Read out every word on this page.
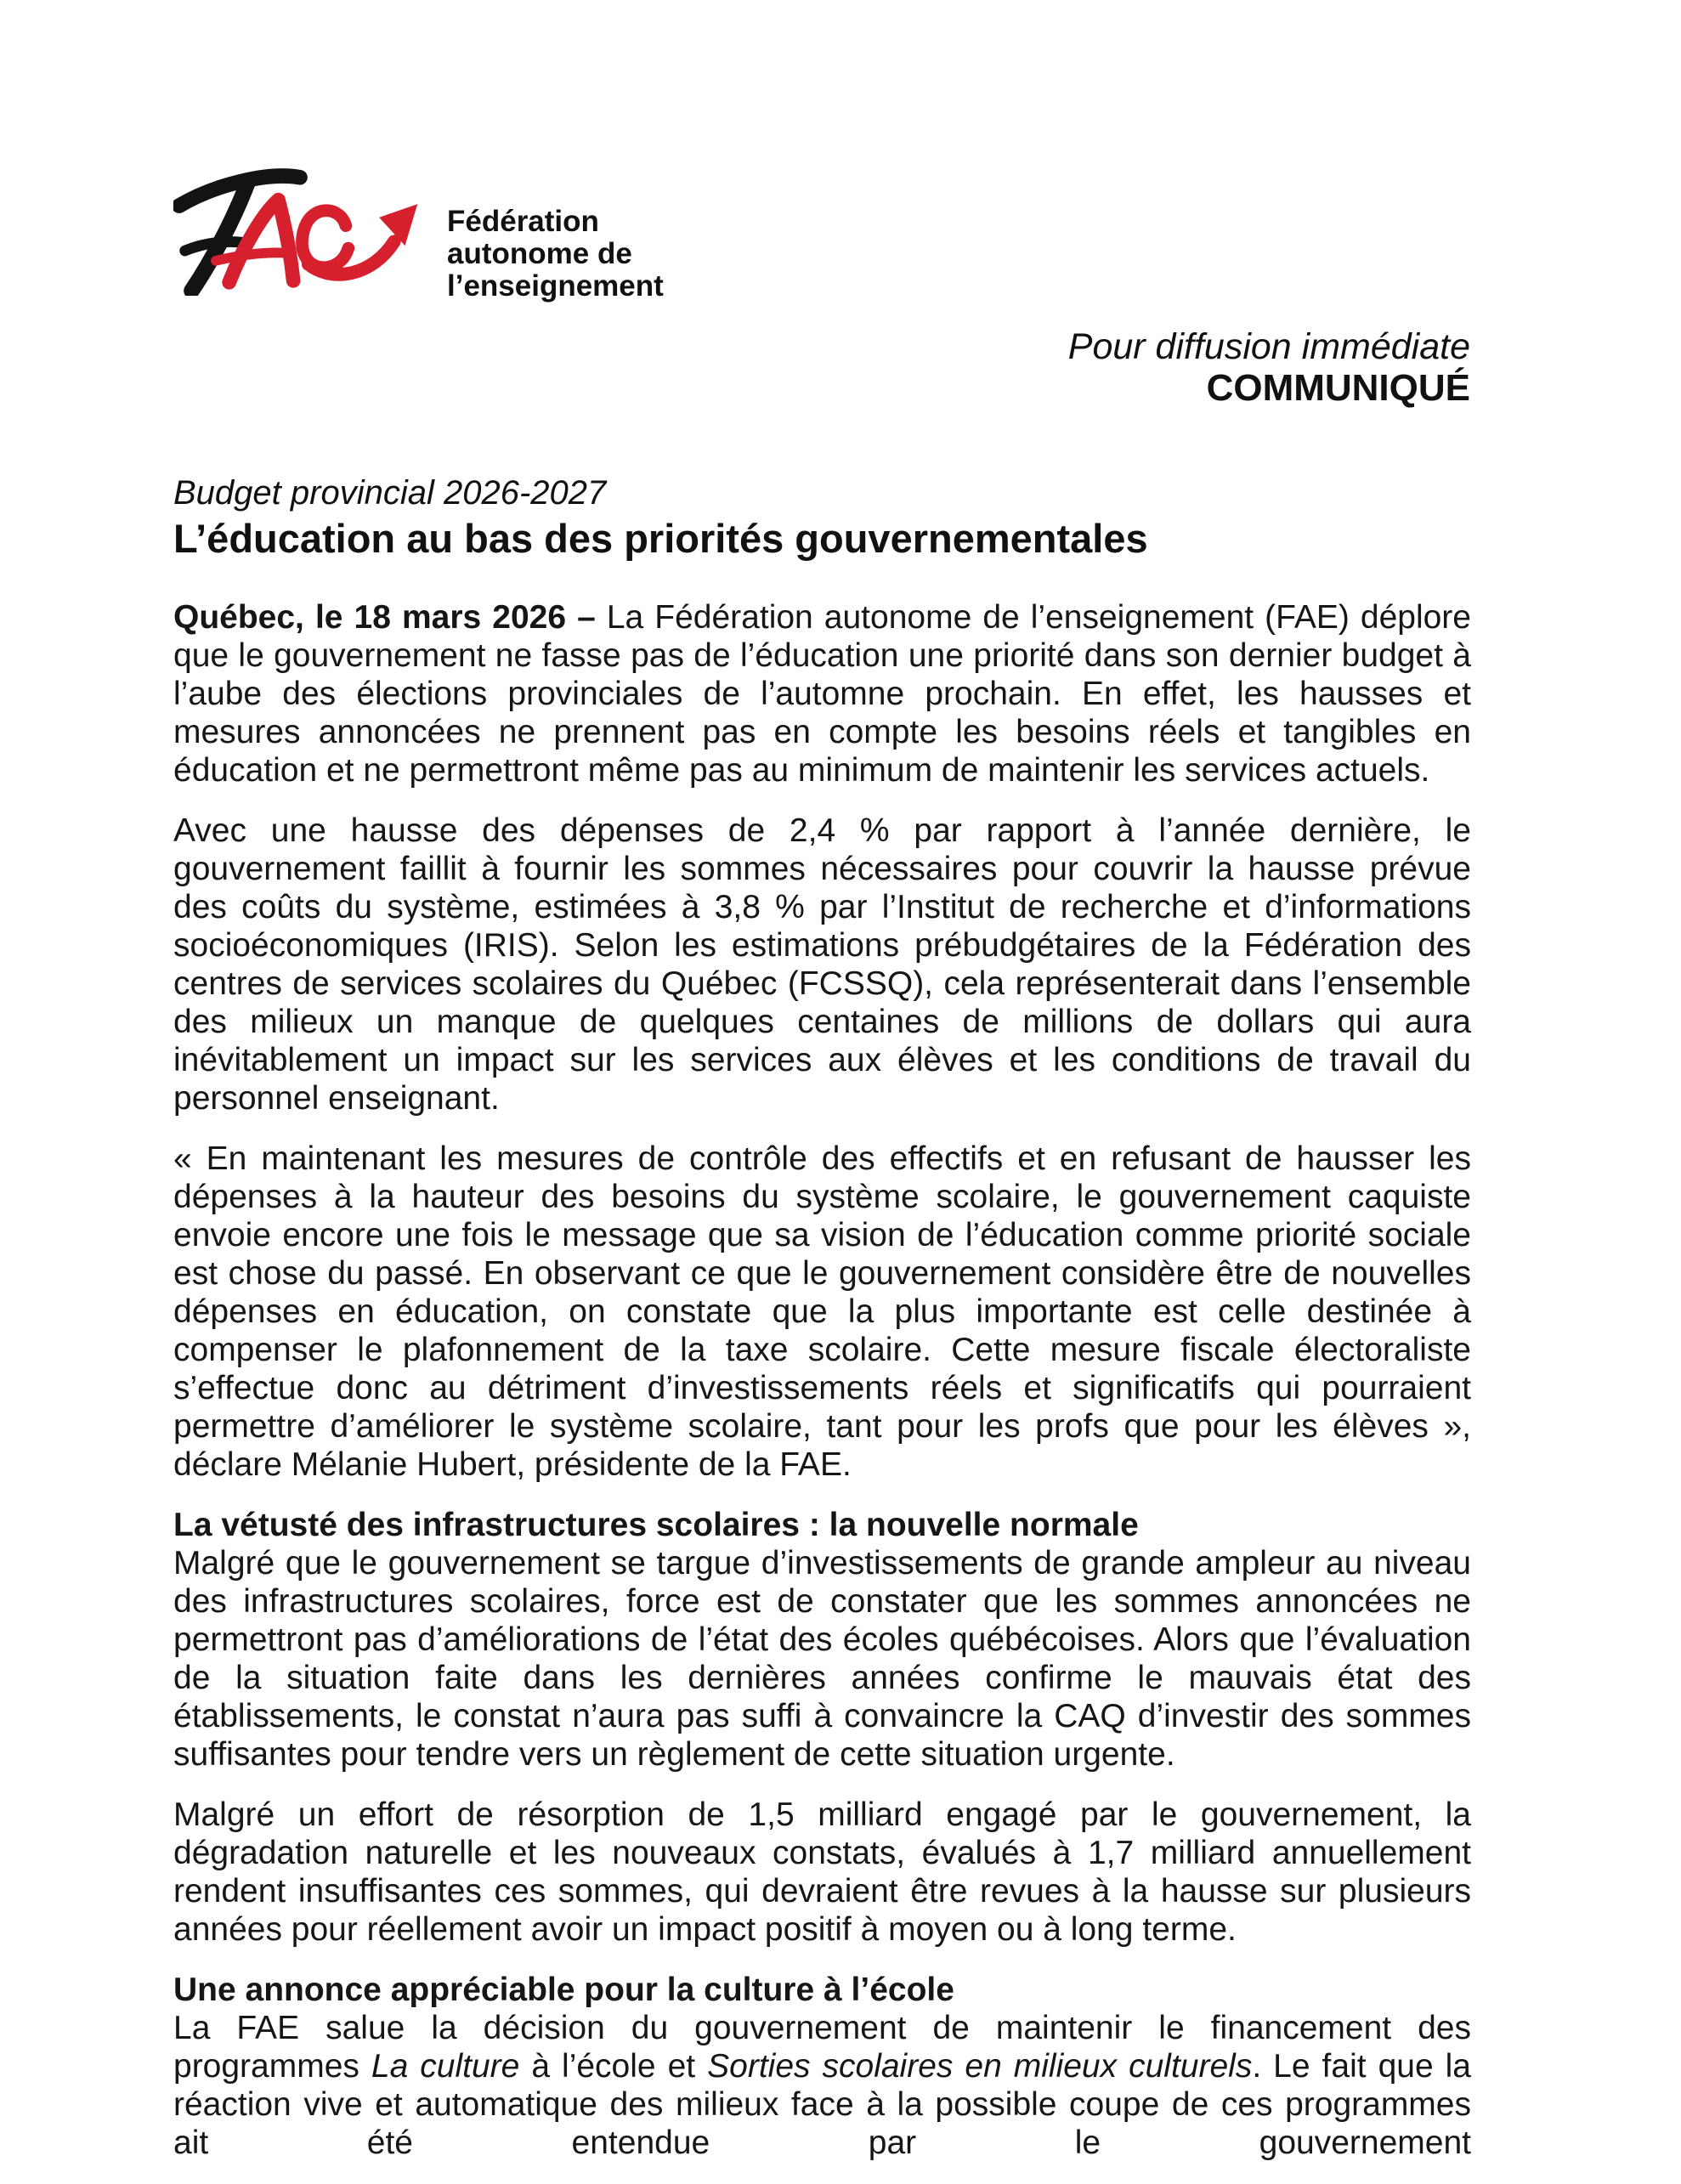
Fédération
autonome de
l’enseignement
Pour diffusion immédiate
COMMUNIQUÉ
Budget provincial 2026-2027
L’éducation au bas des priorités gouvernementales

Québec, le 18 mars 2026 – La Fédération autonome de l’enseignement (FAE) déplore que le gouvernement ne fasse pas de l’éducation une priorité dans son dernier budget à l’aube des élections provinciales de l’automne prochain. En effet, les hausses et mesures annoncées ne prennent pas en compte les besoins réels et tangibles en éducation et ne permettront même pas au minimum de maintenir les services actuels.

Avec une hausse des dépenses de 2,4 % par rapport à l’année dernière, le gouvernement faillit à fournir les sommes nécessaires pour couvrir la hausse prévue des coûts du système, estimées à 3,8 % par l’Institut de recherche et d’informations socioéconomiques (IRIS). Selon les estimations prébudgétaires de la Fédération des centres de services scolaires du Québec (FCSSQ), cela représenterait dans l’ensemble des milieux un manque de quelques centaines de millions de dollars qui aura inévitablement un impact sur les services aux élèves et les conditions de travail du personnel enseignant.

« En maintenant les mesures de contrôle des effectifs et en refusant de hausser les dépenses à la hauteur des besoins du système scolaire, le gouvernement caquiste envoie encore une fois le message que sa vision de l’éducation comme priorité sociale est chose du passé. En observant ce que le gouvernement considère être de nouvelles dépenses en éducation, on constate que la plus importante est celle destinée à compenser le plafonnement de la taxe scolaire. Cette mesure fiscale électoraliste s’effectue donc au détriment d’investissements réels et significatifs qui pourraient permettre d’améliorer le système scolaire, tant pour les profs que pour les élèves », déclare Mélanie Hubert, présidente de la FAE.

La vétusté des infrastructures scolaires : la nouvelle normale

Malgré que le gouvernement se targue d’investissements de grande ampleur au niveau des infrastructures scolaires, force est de constater que les sommes annoncées ne permettront pas d’améliorations de l’état des écoles québécoises. Alors que l’évaluation de la situation faite dans les dernières années confirme le mauvais état des établissements, le constat n’aura pas suffi à convaincre la CAQ d’investir des sommes suffisantes pour tendre vers un règlement de cette situation urgente.

Malgré un effort de résorption de 1,5 milliard engagé par le gouvernement, la dégradation naturelle et les nouveaux constats, évalués à 1,7 milliard annuellement rendent insuffisantes ces sommes, qui devraient être revues à la hausse sur plusieurs années pour réellement avoir un impact positif à moyen ou à long terme.

Une annonce appréciable pour la culture à l’école

La FAE salue la décision du gouvernement de maintenir le financement des programmes La culture à l’école et Sorties scolaires en milieux culturels. Le fait que la réaction vive et automatique des milieux face à la possible coupe de ces programmes ait été entendue par le gouvernement
